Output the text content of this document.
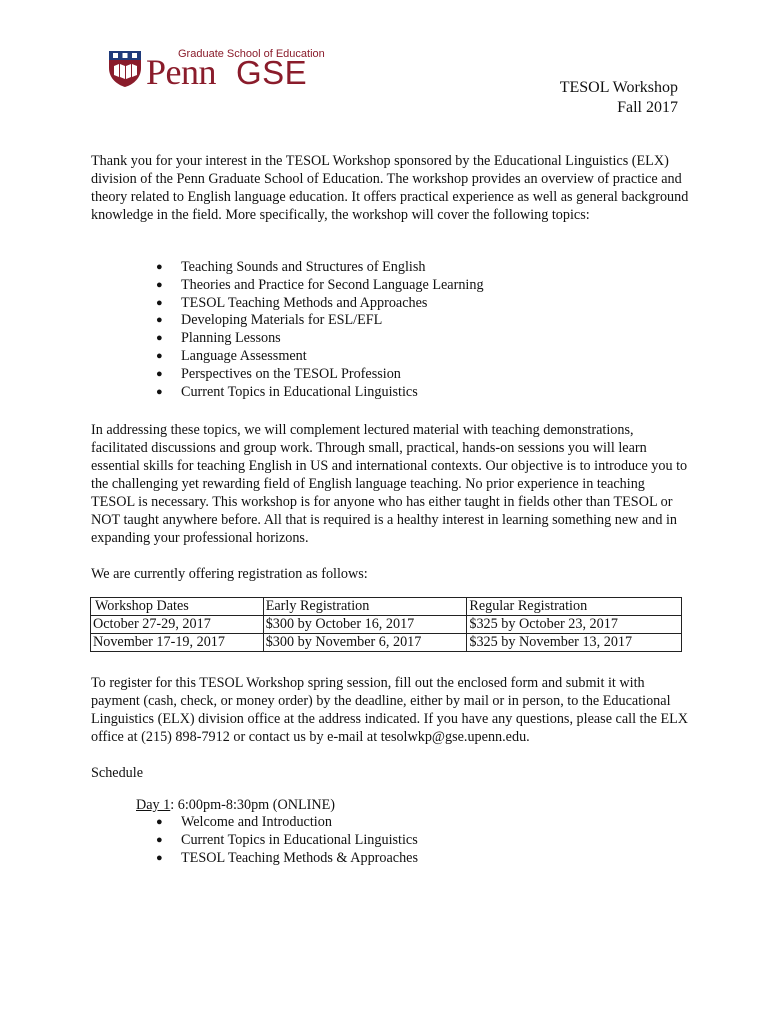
Graduate School of Education
Penn GSE	TESOL Workshop
Fall 2017

Thank you for your interest in the TESOL Workshop sponsored by the Educational Linguistics (ELX) division of the Penn Graduate School of Education. The workshop provides an overview of practice and theory related to English language education. It offers practical experience as well as general background knowledge in the field. More specifically, the workshop will cover the following topics:

● Teaching Sounds and Structures of English
● Theories and Practice for Second Language Learning
● TESOL Teaching Methods and Approaches
● Developing Materials for ESL/EFL
● Planning Lessons
● Language Assessment
● Perspectives on the TESOL Profession
● Current Topics in Educational Linguistics

In addressing these topics, we will complement lectured material with teaching demonstrations, facilitated discussions and group work. Through small, practical, hands-on sessions you will learn essential skills for teaching English in US and international contexts. Our objective is to introduce you to the challenging yet rewarding field of English language teaching. No prior experience in teaching TESOL is necessary. This workshop is for anyone who has either taught in fields other than TESOL or NOT taught anywhere before. All that is required is a healthy interest in learning something new and in expanding your professional horizons.

We are currently offering registration as follows:

Workshop Dates	Early Registration	Regular Registration
October 27-29, 2017	$300 by October 16, 2017	$325 by October 23, 2017
November 17-19, 2017	$300 by November 6, 2017	$325 by November 13, 2017

To register for this TESOL Workshop spring session, fill out the enclosed form and submit it with payment (cash, check, or money order) by the deadline, either by mail or in person, to the Educational Linguistics (ELX) division office at the address indicated. If you have any questions, please call the ELX office at (215) 898-7912 or contact us by e-mail at tesolwkp@gse.upenn.edu.

Schedule

Day 1: 6:00pm-8:30pm (ONLINE)
● Welcome and Introduction
● Current Topics in Educational Linguistics
● TESOL Teaching Methods & Approaches
